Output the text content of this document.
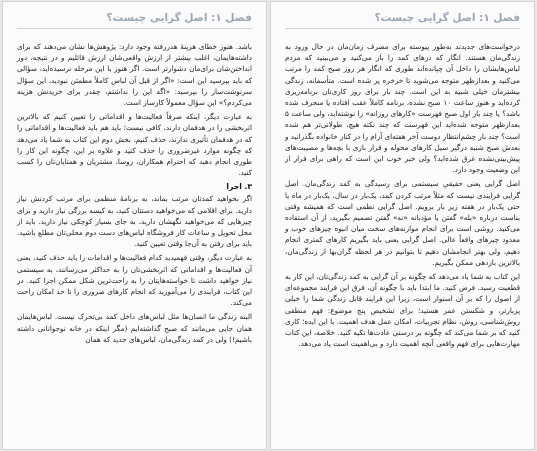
فصل ۱: اصل گرایی چیست؟

باشد. هنوز خطای هزینهٔ هدررفته وجود دارد: پژوهش‌ها نشان می‌دهند که برای داشته‌هایمان، اغلب بیشتر از ارزش واقعی‌شان ارزش قائلیم و در نتیجه، دور انداختن‌شان برای‌مان دشوارتر است. اگر هنوز با این مرحله نرسیده‌اید، سؤالی که باید بپرسید این است: «اگر از قبل آن لباس کاملاً مطمئن نبودید، این سؤال سرنوشت‌ساز را بپرسید: «اگه این را نداشتم، چقدر برای خریدنش هزینه می‌کردم؟» این سؤال معمولاً کارساز است.

به عبارت دیگر، اینکه صرفاً فعالیت‌ها و اقداماتی را تعیین کنیم که بالاترین اثربخشی را در هدفمان دارند، کافی نیست؛ باید هم باید فعالیت‌ها و اقداماتی را که در هدفمان تأثیری ندارند، حذف کنیم. بخش دوم این کتاب به شما یاد می‌دهد که چگونه موارد غیرضروری را حذف کنید و علاوه بر این، چگونه این کار را طوری انجام دهید که احترام همکاران، روسا، مشتریان و همتایان‌تان را کسب کنید.

۳. اجرا

اگر بخواهید کمدتان مرتب بماند، به برنامهٔ منظمی برای مرتب کردنش نیاز دارید. برای اقلامی که می‌خواهید دستتان کنید، به کیسه بزرگی نیاز دارید و برای چیزهایی که می‌خواهید نگهشان دارید، به جای بسیار کوچکی نیاز دارید. باید از محل تحویل و ساعات کار فروشگاه لباس‌های دست دوم محلی‌تان مطلع باشید. باید برای رفتن به آن‌جا وقتی تعیین کنید.

به عبارت دیگر، وقتی فهمیدید کدام فعالیت‌ها و اقدامات را باید حذف کنید، یعنی آن فعالیت‌ها و اقداماتی که اثربخشی‌تان را به حداکثر می‌رسانند، به سیستمی نیاز خواهید داشت تا خواسته‌هایتان را به راحت‌ترین شکل ممکن اجرا کنید. در این کتاب، فرایندی را می‌آموزید که انجام کارهای ضروری را تا حد امکان راحت می‌کند.

البته زندگی ما انسان‌ها مثل لباس‌های داخل کمد بی‌تحرک نیست. لباس‌هایمان همان جایی می‌مانند که صبح گذاشته‌ایم (مگر اینکه در خانه نوجوانانی داشته باشیم!) ولی در کمد زندگی‌مان، لباس‌های جدید که همان

فصل ۱: اصل گرایی چیست؟

درخواست‌های جدیدند به‌طور پیوسته برای مصرف زمان‌مان در حال ورود به زندگی‌مان هستند. انگار که درهای کمد را باز می‌کنید و می‌بینید که مردم لباس‌هایشان را داخل آن چپانده‌اند طوری که انگار هر روز صبح کمد را مرتب می‌کنید و بعدازظهر متوجه می‌شوید تا خرخره پر شده است. متأسفانه، زندگی بیشترمان خیلی شبیه به این است. چند بار برای روز کاری‌تان برنامه‌ریزی کرده‌اید و هنوز ساعت ۱۰ صبح نشده، برنامه کاملاً عقب افتاده یا منحرف شده باشد؟ یا چند بار اول صبح فهرست «کارهای روزانه» را نوشته‌اید، ولی ساعت ۵ بعدازظهر متوجه شده‌اید این فهرست که چند نکته هیچ، طولانی‌تر هم شده است؟ چند بار چشم‌انتظار دوست آخر هفته‌ای آرام را در کنار خانواده بگذرانید و بعدش صبح شنبه درگیر سیل کارهای محوله و قرار بازی با بچه‌ها و مصیبت‌های پیش‌بینی‌نشده غرق شده‌اید؟ ولی خبر خوب این است که راهی برای فرار از این وضعیت وجود دارد.

اصل گرایی یعنی حقیقیِ سیستمی برای رسیدگی به کمد زندگی‌مان. اصل گرایی فرایندی نیست که مثلاً مرتب کردن کمد، یک‌بار در سال، یک‌بار در ماه یا حتی یک‌بار در هفته زیر بار برویم. اصل گرایی نظمی است که همیشه وقتی بناست درباره «بله» گفتن یا مؤدبانه «نه» گفتن تصمیم بگیرید، از آن استفاده می‌کنید. روشی است برای انجام موازنه‌های سخت میان انبوه چیزهای خوب و معدود چیزهای واقعاً عالی. اصل گرایی یعنی باید بگیریم کارهای کمتری انجام دهیم، ولی بهتر انجامشان دهیم تا بتوانیم در هر لحظه گران‌بها از زندگی‌مان، بالاترین بازدهی ممکن بگیریم.

این کتاب به شما یاد می‌دهد که چگونه بر آن گرایی به کمد زندگی‌تان، این کار به قطعیت رسید. فرض کنید. ما ابتدا باید با چگونه آن، فرق این فرایند مجموعه‌ای از اصول را که بر آن استوار است، زیرا این فرایند قابل زندگی شما را خیلی پربارتر، و شکستن عمر هستید؛ برای تشخیص پنج موضوع: فهم منطقی روش‌شناسی، روش، نظام تجربیات، امکان عمل هدف اهمیت. با این ایده؛ کاری کنید که بر شما می‌کند که چگونه بر درستی عادت‌ها تکیه کنید. خلاصه، این کتاب مهارت‌هایی برای فهم واقعی آنچه اهمیت دارد و بی‌اهمیت است یاد می‌دهد.
